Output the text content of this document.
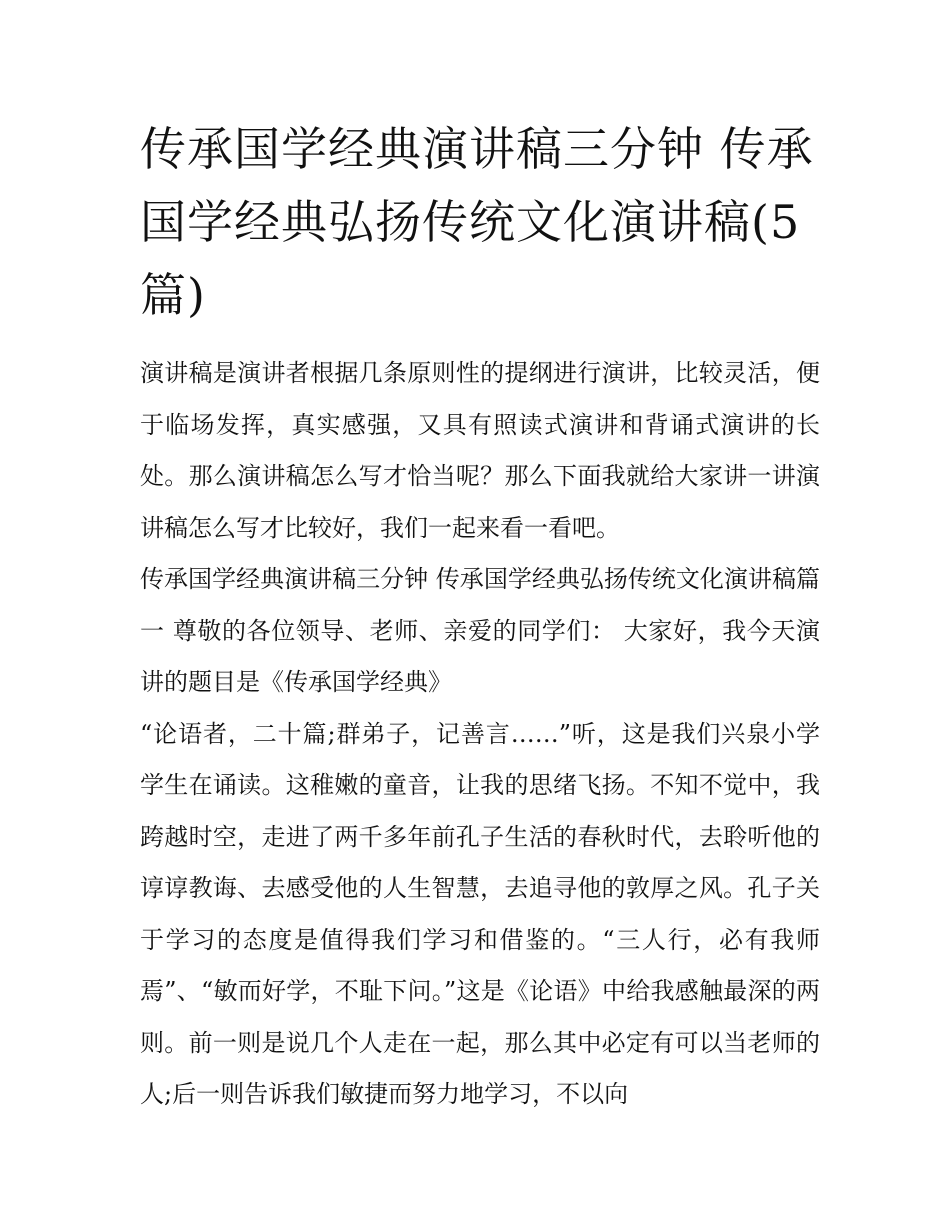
传承国学经典演讲稿三分钟 传承国学经典弘扬传统文化演讲稿(5篇)

演讲稿是演讲者根据几条原则性的提纲进行演讲，比较灵活，便于临场发挥，真实感强，又具有照读式演讲和背诵式演讲的长处。那么演讲稿怎么写才恰当呢？那么下面我就给大家讲一讲演讲稿怎么写才比较好，我们一起来看一看吧。

传承国学经典演讲稿三分钟 传承国学经典弘扬传统文化演讲稿篇一 尊敬的各位领导、老师、亲爱的同学们： 大家好，我今天演讲的题目是《传承国学经典》

“论语者，二十篇;群弟子，记善言……”听，这是我们兴泉小学学生在诵读。这稚嫩的童音，让我的思绪飞扬。不知不觉中，我跨越时空，走进了两千多年前孔子生活的春秋时代，去聆听他的谆谆教诲、去感受他的人生智慧，去追寻他的敦厚之风。孔子关于学习的态度是值得我们学习和借鉴的。“三人行，必有我师焉”、“敏而好学，不耻下问。”这是《论语》中给我感触最深的两则。前一则是说几个人走在一起，那么其中必定有可以当老师的人;后一则告诉我们敏捷而努力地学习，不以向
